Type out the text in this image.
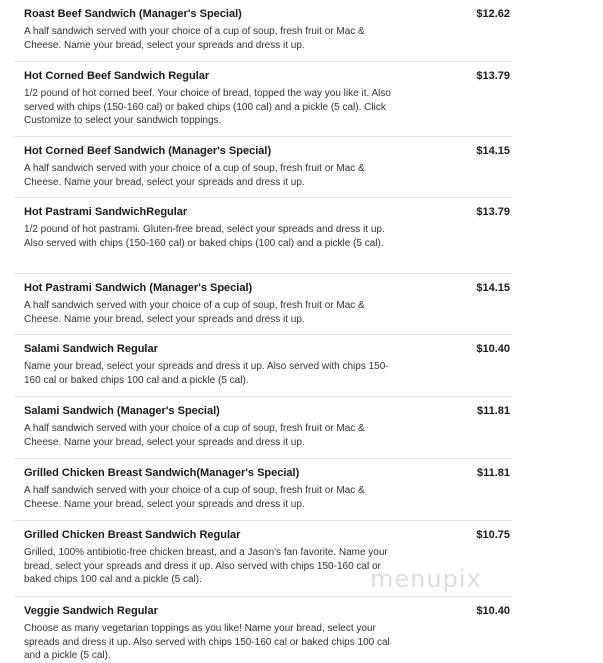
Roast Beef Sandwich (Manager's Special)	$12.62
A half sandwich served with your choice of a cup of soup, fresh fruit or Mac & Cheese. Name your bread, select your spreads and dress it up.
Hot Corned Beef Sandwich Regular	$13.79
1/2 pound of hot corned beef. Your choice of bread, topped the way you like it. Also served with chips (150-160 cal) or baked chips (100 cal) and a pickle (5 cal). Click Customize to select your sandwich toppings.
Hot Corned Beef Sandwich (Manager's Special)	$14.15
A half sandwich served with your choice of a cup of soup, fresh fruit or Mac & Cheese. Name your bread, select your spreads and dress it up.
Hot Pastrami SandwichRegular	$13.79
1/2 pound of hot pastrami. Gluten-free bread, select your spreads and dress it up. Also served with chips (150-160 cal) or baked chips (100 cal) and a pickle (5 cal).
Hot Pastrami Sandwich (Manager's Special)	$14.15
A half sandwich served with your choice of a cup of soup, fresh fruit or Mac & Cheese. Name your bread, select your spreads and dress it up.
Salami Sandwich Regular	$10.40
Name your bread, select your spreads and dress it up. Also served with chips 150-160 cal or baked chips 100 cal and a pickle (5 cal).
Salami Sandwich (Manager's Special)	$11.81
A half sandwich served with your choice of a cup of soup, fresh fruit or Mac & Cheese. Name your bread, select your spreads and dress it up.
Grilled Chicken Breast Sandwich(Manager's Special)	$11.81
A half sandwich served with your choice of a cup of soup, fresh fruit or Mac & Cheese. Name your bread, select your spreads and dress it up.
Grilled Chicken Breast Sandwich Regular	$10.75
Grilled, 100% antibiotic-free chicken breast, and a Jason's fan favorite. Name your bread, select your spreads and dress it up. Also served with chips 150-160 cal or baked chips 100 cal and a pickle (5 cal).
Veggie Sandwich Regular	$10.40
Choose as many vegetarian toppings as you like! Name your bread, select your spreads and dress it up. Also served with chips 150-160 cal or baked chips 100 cal and a pickle (5 cal).
menupix
